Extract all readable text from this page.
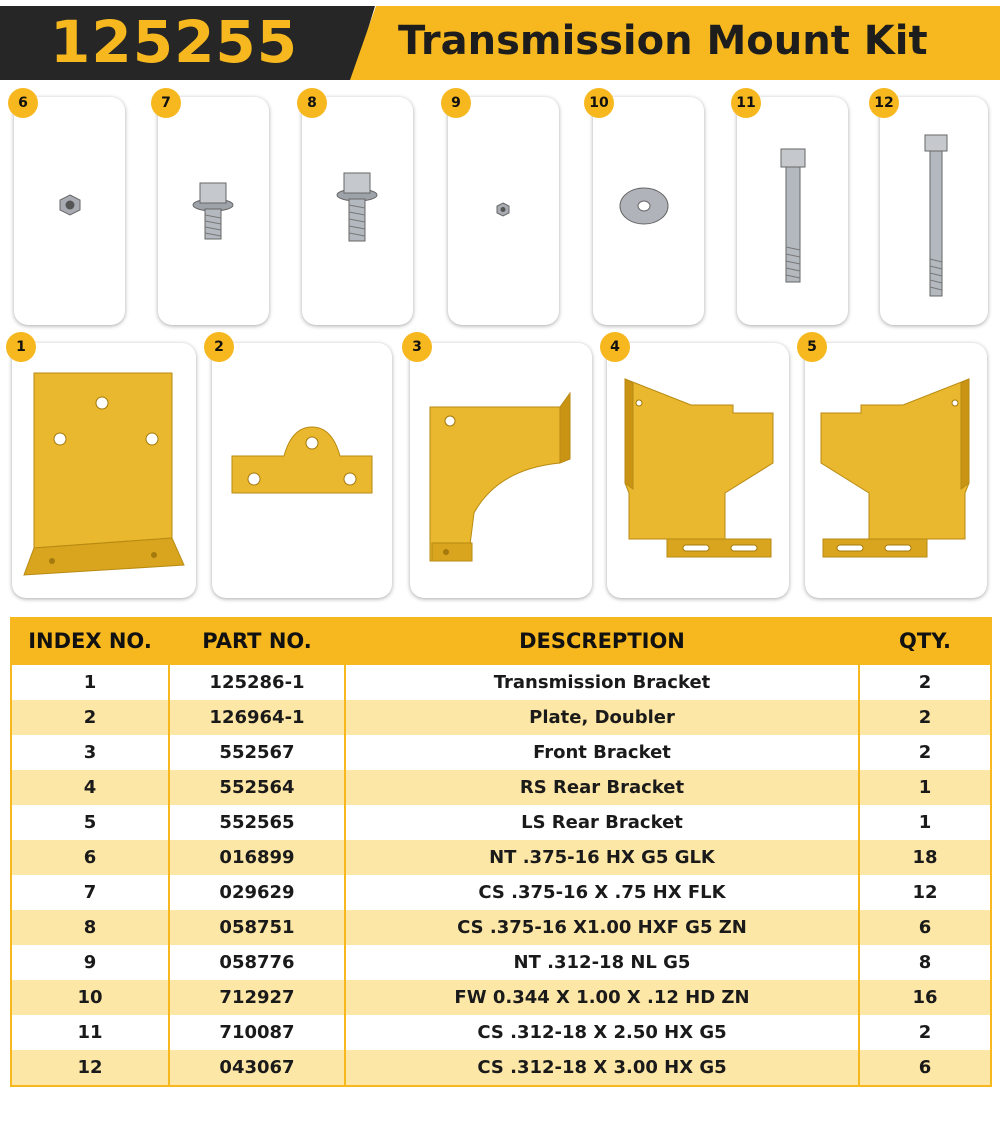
125255 Transmission Mount Kit
6	7	8	9	10	11	12
1	2	3	4	5
INDEX NO.	PART NO.	DESCREPTION	QTY.
1	125286-1	Transmission Bracket	2
2	126964-1	Plate, Doubler	2
3	552567	Front Bracket	2
4	552564	RS Rear Bracket	1
5	552565	LS Rear Bracket	1
6	016899	NT .375-16 HX G5 GLK	18
7	029629	CS .375-16 X .75 HX FLK	12
8	058751	CS .375-16 X1.00 HXF G5 ZN	6
9	058776	NT .312-18 NL G5	8
10	712927	FW 0.344 X 1.00 X .12 HD ZN	16
11	710087	CS .312-18 X 2.50 HX G5	2
12	043067	CS .312-18 X 3.00 HX G5	6
